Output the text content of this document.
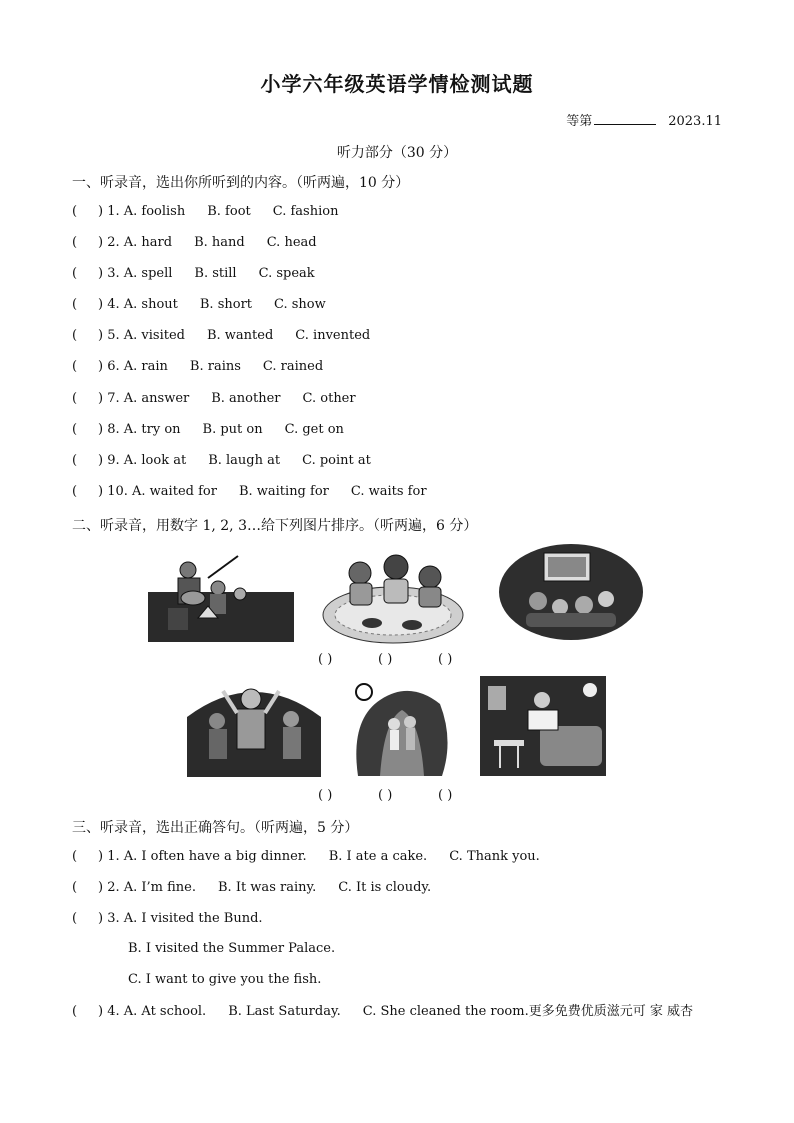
小学六年级英语学情检测试题
等第	2023.11
听力部分（30 分）
一、听录音，选出你所听到的内容。（听两遍，10 分）
( ) 1. A. foolish B. foot C. fashion
( ) 2. A. hard B. hand C. head
( ) 3. A. spell B. still C. speak
( ) 4. A. shout B. short C. show
( ) 5. A. visited B. wanted C. invented
( ) 6. A. rain B. rains C. rained
( ) 7. A. answer B. another C. other
( ) 8. A. try on B. put on C. get on
( ) 9. A. look at B. laugh at C. point at
( ) 10. A. waited for B. waiting for C. waits for
二、听录音，用数字 1, 2, 3…给下列图片排序。（听两遍，6 分）
( )	( )	( )
( )	( )	( )
三、听录音，选出正确答句。（听两遍，5 分）
( ) 1. A. I often have a big dinner. B. I ate a cake. C. Thank you.
( ) 2. A. I’m fine. B. It was rainy. C. It is cloudy.
( ) 3. A. I visited the Bund.
B. I visited the Summer Palace.
C. I want to give you the fish.
( ) 4. A. At school. B. Last Saturday. C. She cleaned the room.更多免费优质滋元可 家 威杏
